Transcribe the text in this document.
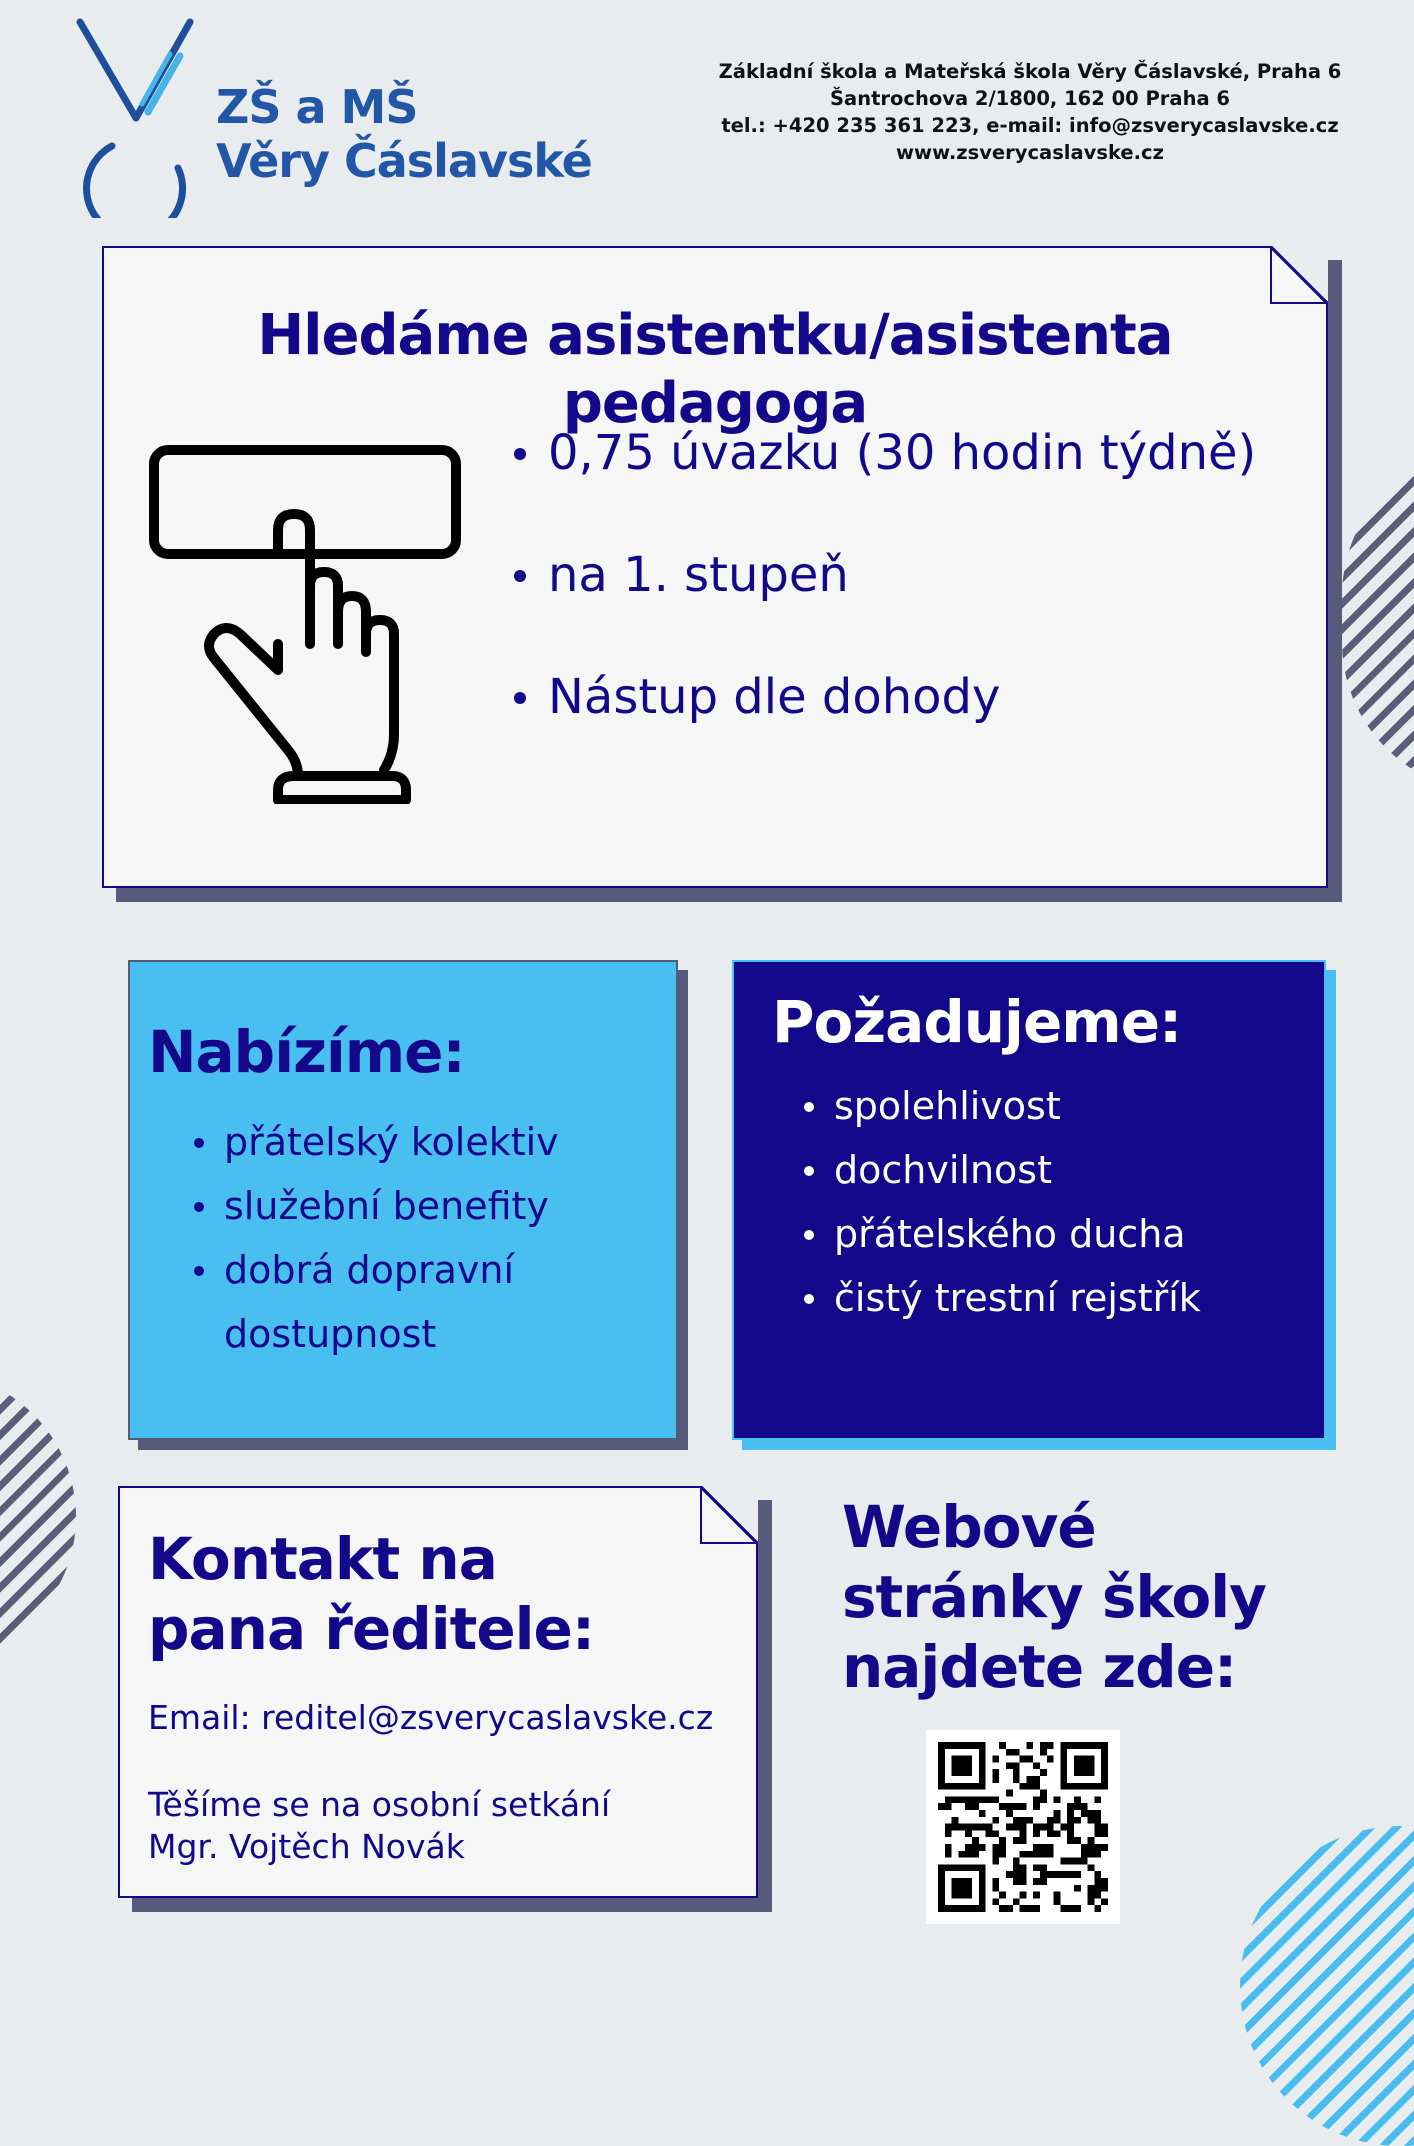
ZŠ a MŠ
Věry Čáslavské
Základní škola a Mateřská škola Věry Čáslavské, Praha 6
Šantrochova 2/1800, 162 00 Praha 6
tel.: +420 235 361 223, e-mail: info@zsverycaslavske.cz
www.zsverycaslavske.cz
Hledáme asistentku/asistenta
pedagoga
0,75 úvazku (30 hodin týdně)
na 1. stupeň
Nástup dle dohody
Nabízíme:
přátelský kolektiv
služební benefity
dobrá dopravní
dostupnost
Požadujeme:
spolehlivost
dochvilnost
přátelského ducha
čistý trestní rejstřík
Kontakt na
pana ředitele:
Email: reditel@zsverycaslavske.cz
Těšíme se na osobní setkání
Mgr. Vojtěch Novák
Webové
stránky školy
najdete zde:
